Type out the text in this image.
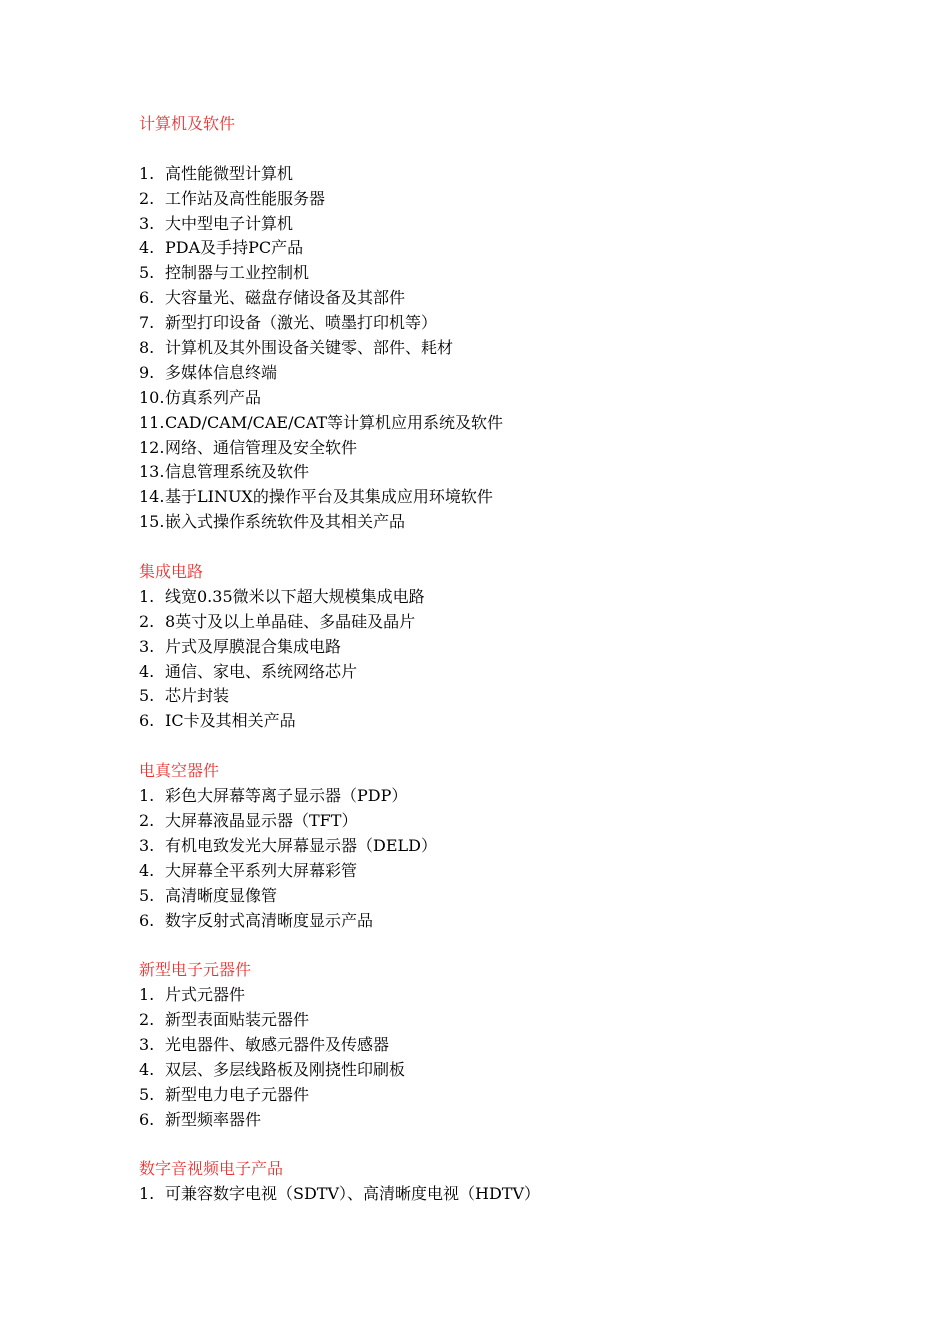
计算机及软件
1. 高性能微型计算机
2. 工作站及高性能服务器
3. 大中型电子计算机
4. PDA及手持PC产品
5. 控制器与工业控制机
6. 大容量光、磁盘存储设备及其部件
7. 新型打印设备（激光、喷墨打印机等）
8. 计算机及其外围设备关键零、部件、耗材
9. 多媒体信息终端
10.仿真系列产品
11.CAD/CAM/CAE/CAT等计算机应用系统及软件
12.网络、通信管理及安全软件
13.信息管理系统及软件
14.基于LINUX的操作平台及其集成应用环境软件
15.嵌入式操作系统软件及其相关产品
集成电路
1. 线宽0.35微米以下超大规模集成电路
2. 8英寸及以上单晶硅、多晶硅及晶片
3. 片式及厚膜混合集成电路
4. 通信、家电、系统网络芯片
5. 芯片封装
6. IC卡及其相关产品
电真空器件
1. 彩色大屏幕等离子显示器（PDP）
2. 大屏幕液晶显示器（TFT）
3. 有机电致发光大屏幕显示器（DELD）
4. 大屏幕全平系列大屏幕彩管
5. 高清晰度显像管
6. 数字反射式高清晰度显示产品
新型电子元器件
1. 片式元器件
2. 新型表面贴装元器件
3. 光电器件、敏感元器件及传感器
4. 双层、多层线路板及刚挠性印刷板
5. 新型电力电子元器件
6. 新型频率器件
数字音视频电子产品
1. 可兼容数字电视（SDTV）、高清晰度电视（HDTV）
